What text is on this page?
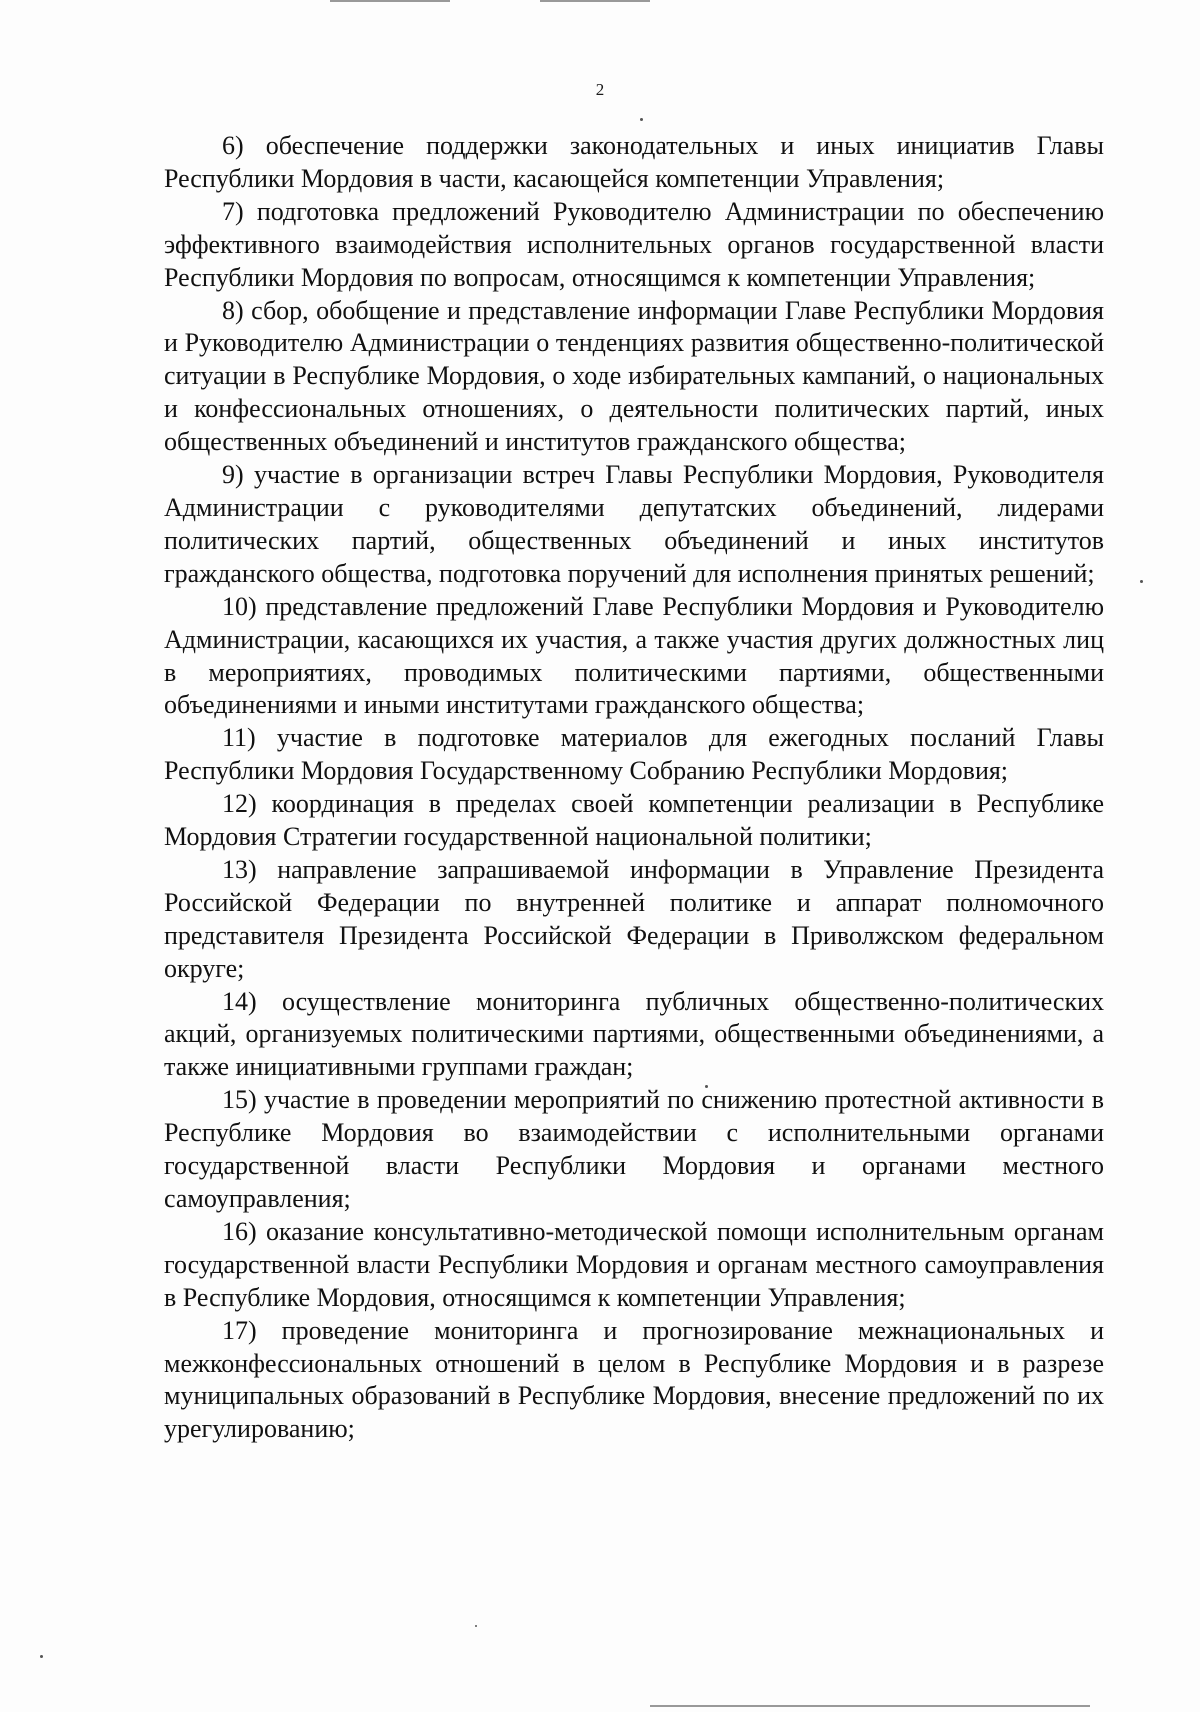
2

6) обеспечение поддержки законодательных и иных инициатив Главы Республики Мордовия в части, касающейся компетенции Управления;

7) подготовка предложений Руководителю Администрации по обеспечению эффективного взаимодействия исполнительных органов государственной власти Республики Мордовия по вопросам, относящимся к компетенции Управления;

8) сбор, обобщение и представление информации Главе Республики Мордовия и Руководителю Администрации о тенденциях развития общественно-политической ситуации в Республике Мордовия, о ходе избирательных кампаний, о национальных и конфессиональных отношениях, о деятельности политических партий, иных общественных объединений и институтов гражданского общества;

9) участие в организации встреч Главы Республики Мордовия, Руководителя Администрации с руководителями депутатских объединений, лидерами политических партий, общественных объединений и иных институтов гражданского общества, подготовка поручений для исполнения принятых решений;

10) представление предложений Главе Республики Мордовия и Руководителю Администрации, касающихся их участия, а также участия других должностных лиц в мероприятиях, проводимых политическими партиями, общественными объединениями и иными институтами гражданского общества;

11) участие в подготовке материалов для ежегодных посланий Главы Республики Мордовия Государственному Собранию Республики Мордовия;

12) координация в пределах своей компетенции реализации в Республике Мордовия Стратегии государственной национальной политики;

13) направление запрашиваемой информации в Управление Президента Российской Федерации по внутренней политике и аппарат полномочного представителя Президента Российской Федерации в Приволжском федеральном округе;

14) осуществление мониторинга публичных общественно-политических акций, организуемых политическими партиями, общественными объединениями, а также инициативными группами граждан;

15) участие в проведении мероприятий по снижению протестной активности в Республике Мордовия во взаимодействии с исполнительными органами государственной власти Республики Мордовия и органами местного самоуправления;

16) оказание консультативно-методической помощи исполнительным органам государственной власти Республики Мордовия и органам местного самоуправления в Республике Мордовия, относящимся к компетенции Управления;

17) проведение мониторинга и прогнозирование межнациональных и межконфессиональных отношений в целом в Республике Мордовия и в разрезе муниципальных образований в Республике Мордовия, внесение предложений по их урегулированию;
